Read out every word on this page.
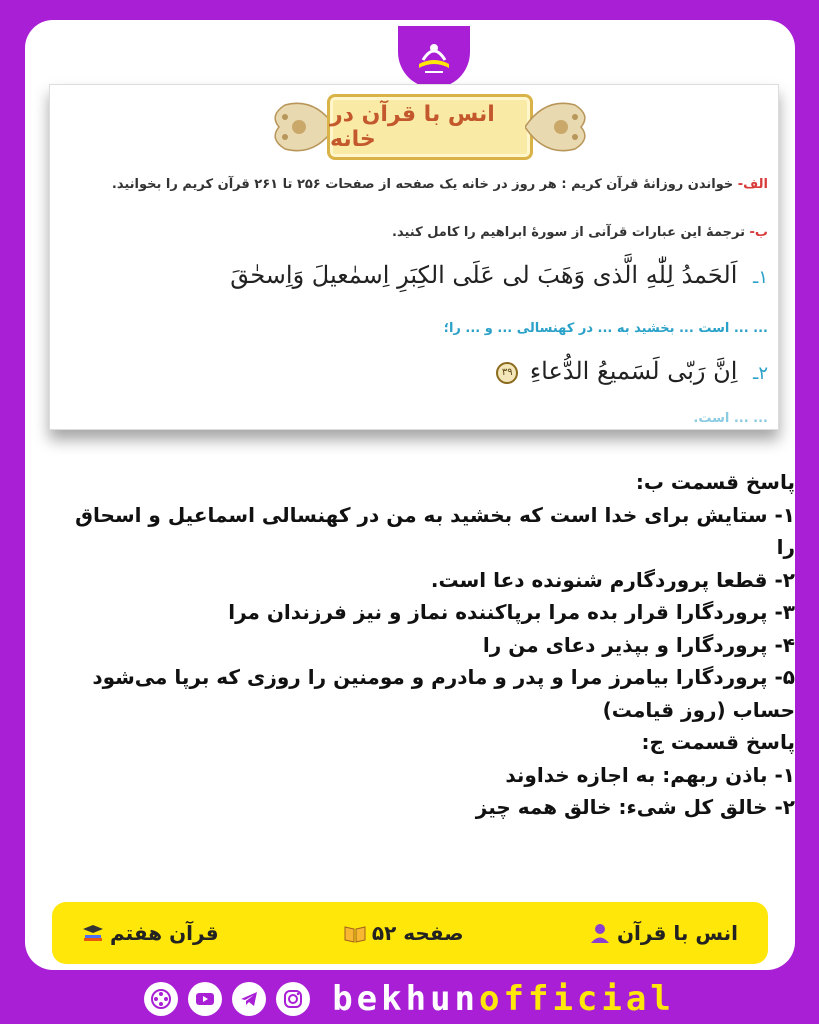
انس با قرآن در خانه
الف- خواندن روزانهٔ قرآن کریم : هر روز در خانه یک صفحه از صفحات ۲۵۶ تا ۲۶۱ قرآن کریم را بخوانید.
ب- ترجمهٔ این عبارات قرآنی از سورهٔ ابراهیم را کامل کنید.
١ـ اَلحَمدُ لِلّٰهِ الَّذی وَهَبَ لی عَلَی الکِبَرِ اِسمٰعیلَ وَاِسحٰقَ
... ... است ... بخشید به ... در کهنسالی ... و ... را؛
٢ـ اِنَّ رَبّی لَسَمیعُ الدُّعاءِ ٣٩
... ... است.

پاسخ قسمت ب:

۱- ستایش برای خدا است که بخشید به من در کهنسالی اسماعیل و اسحاق را

۲- قطعا پروردگارم شنونده دعا است.

۳- پروردگارا قرار بده مرا برپاکننده نماز و نیز فرزندان مرا

۴- پروردگارا و بپذیر دعای من را

۵- پروردگارا بیامرز مرا و پدر و مادرم و مومنین را روزی که برپا می‌شود حساب (روز قیامت)

پاسخ قسمت ج:

۱- باذن ربهم: به اجازه خداوند

۲- خالق کل شیء: خالق همه چیز

انس با قرآن
صفحه ۵۲
قرآن هفتم
bekhunofficial
